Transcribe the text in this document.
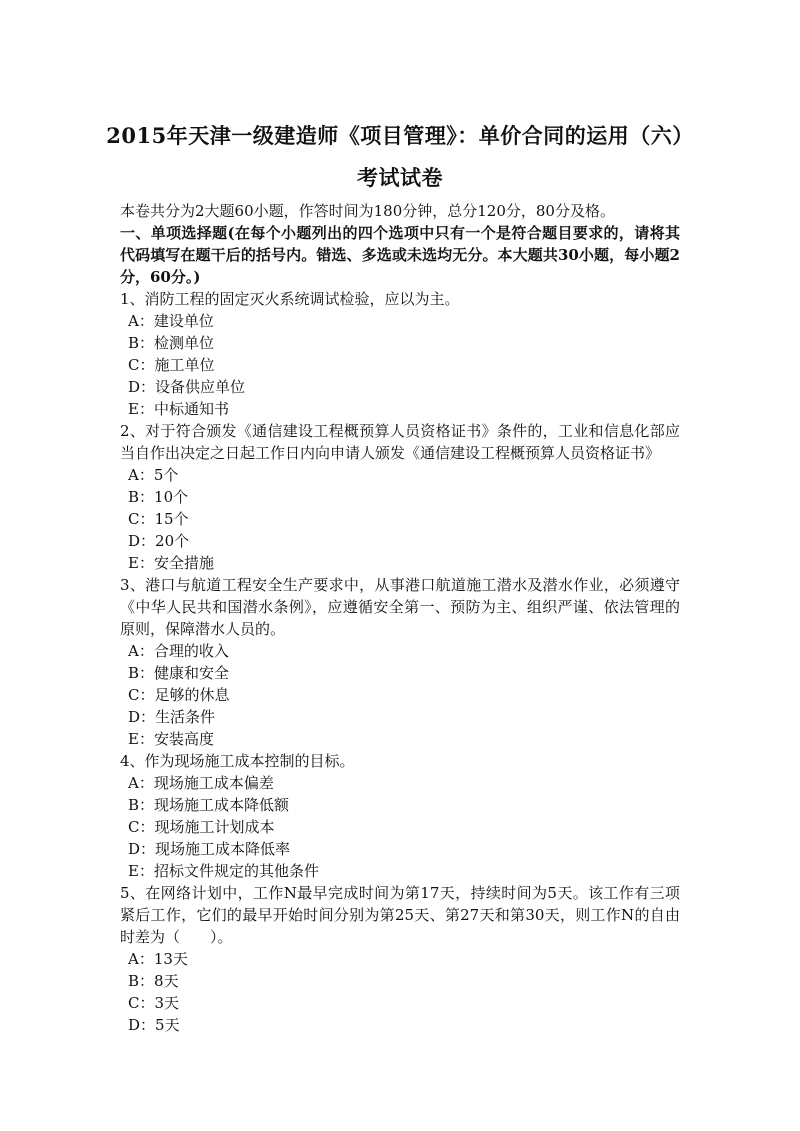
2015年天津一级建造师《项目管理》：单价合同的运用（六）
考试试卷
本卷共分为2大题60小题，作答时间为180分钟，总分120分，80分及格。
一、单项选择题(在每个小题列出的四个选项中只有一个是符合题目要求的，请将其代码填写在题干后的括号内。错选、多选或未选均无分。本大题共30小题，每小题2分，60分。)
1、消防工程的固定灭火系统调试检验，应以为主。
A：建设单位
B：检测单位
C：施工单位
D：设备供应单位
E：中标通知书
2、对于符合颁发《通信建设工程概预算人员资格证书》条件的，工业和信息化部应当自作出决定之日起工作日内向申请人颁发《通信建设工程概预算人员资格证书》
A：5个
B：10个
C：15个
D：20个
E：安全措施
3、港口与航道工程安全生产要求中，从事港口航道施工潜水及潜水作业，必须遵守《中华人民共和国潜水条例》，应遵循安全第一、预防为主、组织严谨、依法管理的原则，保障潜水人员的。
A：合理的收入
B：健康和安全
C：足够的休息
D：生活条件
E：安装高度
4、作为现场施工成本控制的目标。
A：现场施工成本偏差
B：现场施工成本降低额
C：现场施工计划成本
D：现场施工成本降低率
E：招标文件规定的其他条件
5、在网络计划中，工作N最早完成时间为第17天，持续时间为5天。该工作有三项紧后工作，它们的最早开始时间分别为第25天、第27天和第30天，则工作N的自由时差为（　　）。
A：13天
B：8天
C：3天
D：5天
